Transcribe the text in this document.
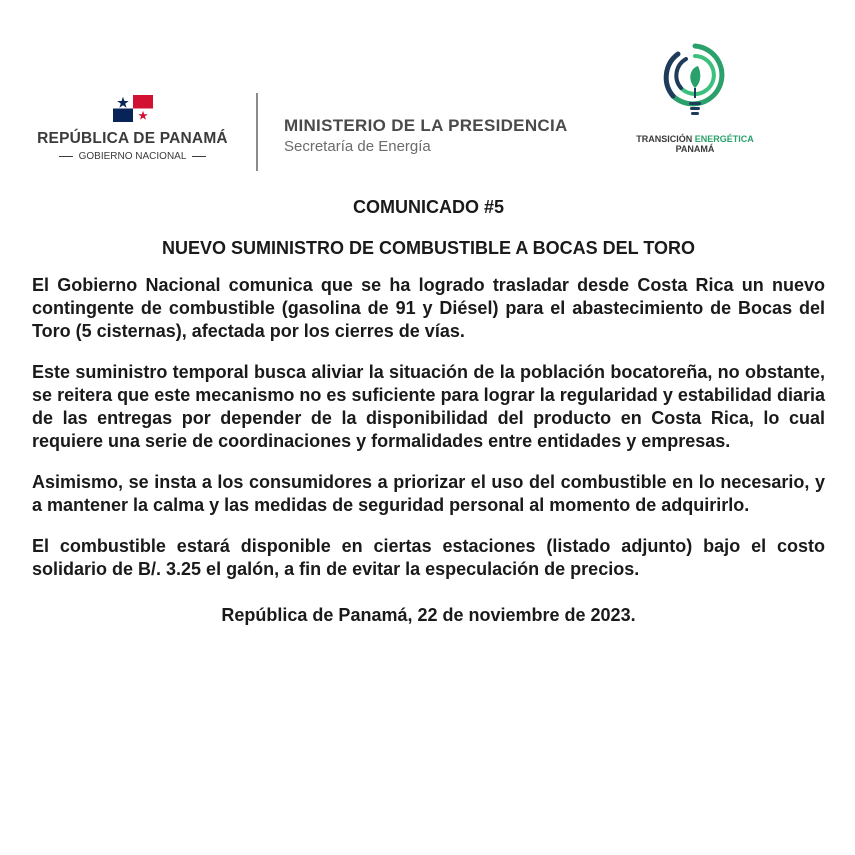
REPÚBLICA DE PANAMÁ
GOBIERNO NACIONAL
MINISTERIO DE LA PRESIDENCIA
Secretaría de Energía	TRANSICIÓN ENERGÉTICA
PANAMÁ

COMUNICADO #5

NUEVO SUMINISTRO DE COMBUSTIBLE A BOCAS DEL TORO

El Gobierno Nacional comunica que se ha logrado trasladar desde Costa Rica un nuevo contingente de combustible (gasolina de 91 y Diésel) para el abastecimiento de Bocas del Toro (5 cisternas), afectada por los cierres de vías.

Este suministro temporal busca aliviar la situación de la población bocatoreña, no obstante, se reitera que este mecanismo no es suficiente para lograr la regularidad y estabilidad diaria de las entregas por depender de la disponibilidad del producto en Costa Rica, lo cual requiere una serie de coordinaciones y formalidades entre entidades y empresas.

Asimismo, se insta a los consumidores a priorizar el uso del combustible en lo necesario, y a mantener la calma y las medidas de seguridad personal al momento de adquirirlo.

El combustible estará disponible en ciertas estaciones (listado adjunto) bajo el costo solidario de B/. 3.25 el galón, a fin de evitar la especulación de precios.

República de Panamá, 22 de noviembre de 2023.
